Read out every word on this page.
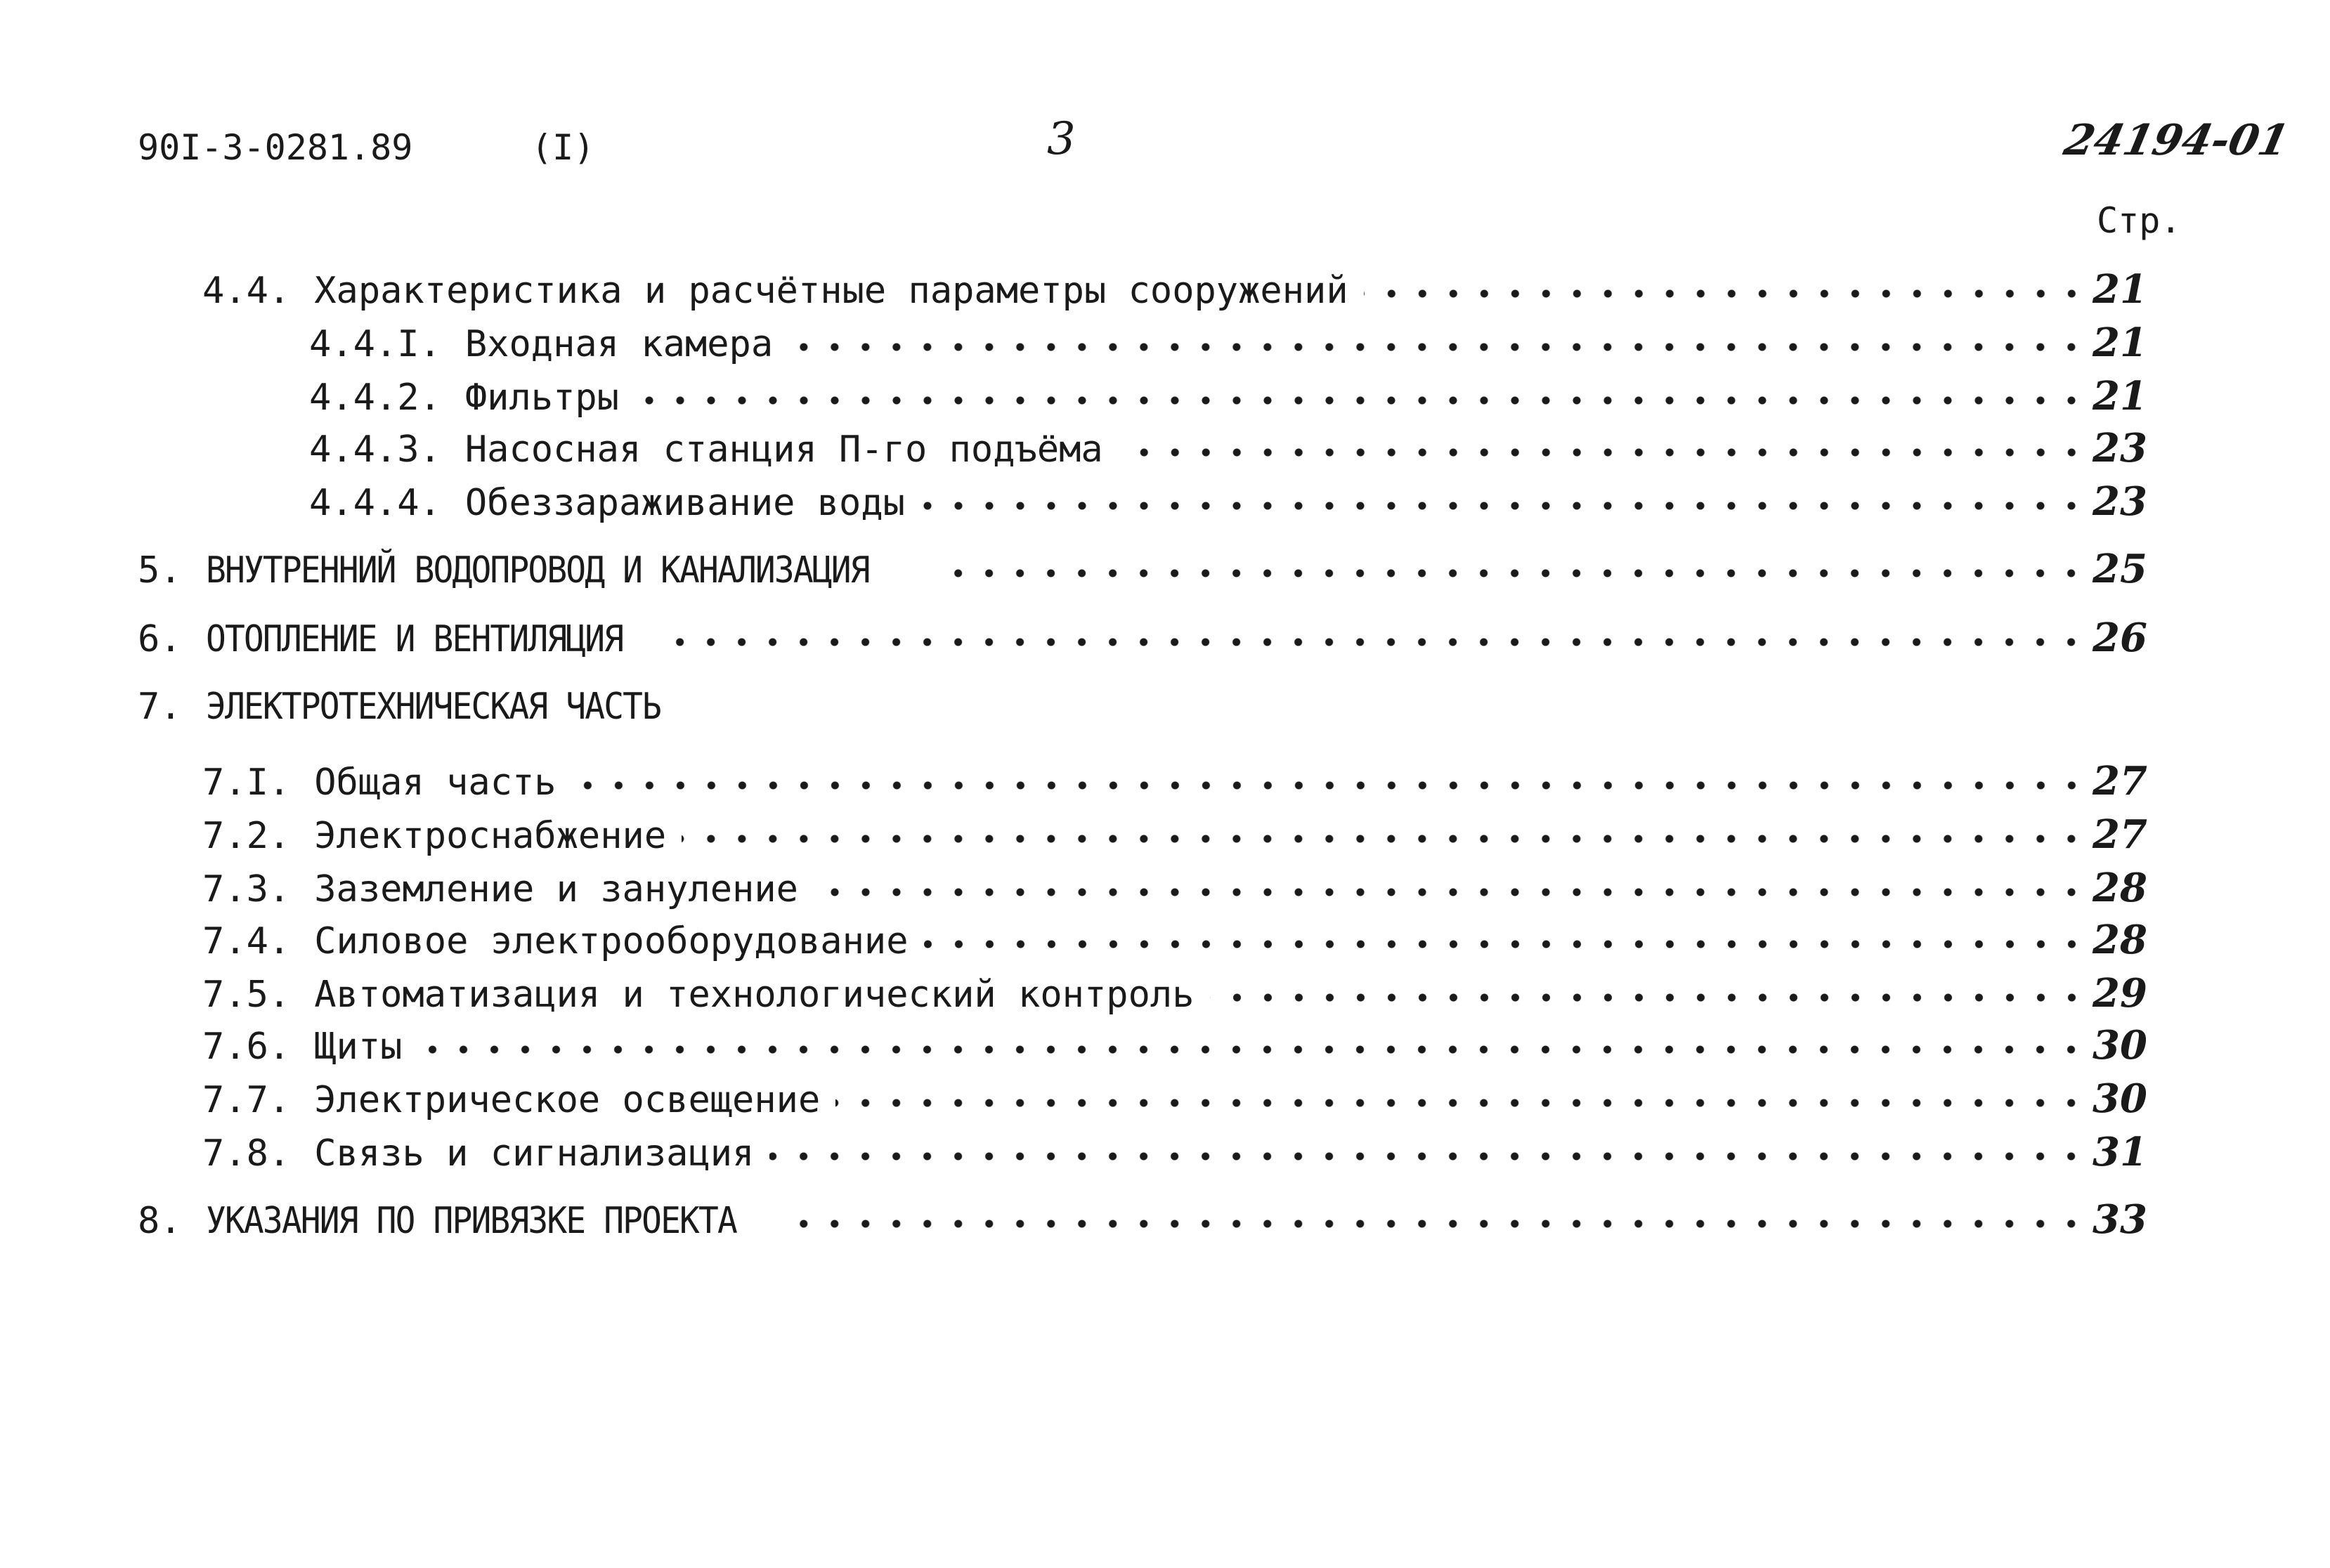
90I-3-0281.89	(I)	3	24194-01
Стр.
4.4. Характеристика и расчётные параметры сооружений	21
4.4.I. Входная камера	21
4.4.2. Фильтры	21
4.4.3. Насосная станция П-го подъёма	23
4.4.4. Обеззараживание воды	23
5. ВНУТРЕННИЙ ВОДОПРОВОД И КАНАЛИЗАЦИЯ	25
6. ОТОПЛЕНИЕ И ВЕНТИЛЯЦИЯ	26
7. ЭЛЕКТРОТЕХНИЧЕСКАЯ ЧАСТЬ
7.I. Общая часть	27
7.2. Электроснабжение	27
7.3. Заземление и зануление	28
7.4. Силовое электрооборудование	28
7.5. Автоматизация и технологический контроль	29
7.6. Щиты	30
7.7. Электрическое освещение	30
7.8. Связь и сигнализация	31
8. УКАЗАНИЯ ПО ПРИВЯЗКЕ ПРОЕКТА	33
